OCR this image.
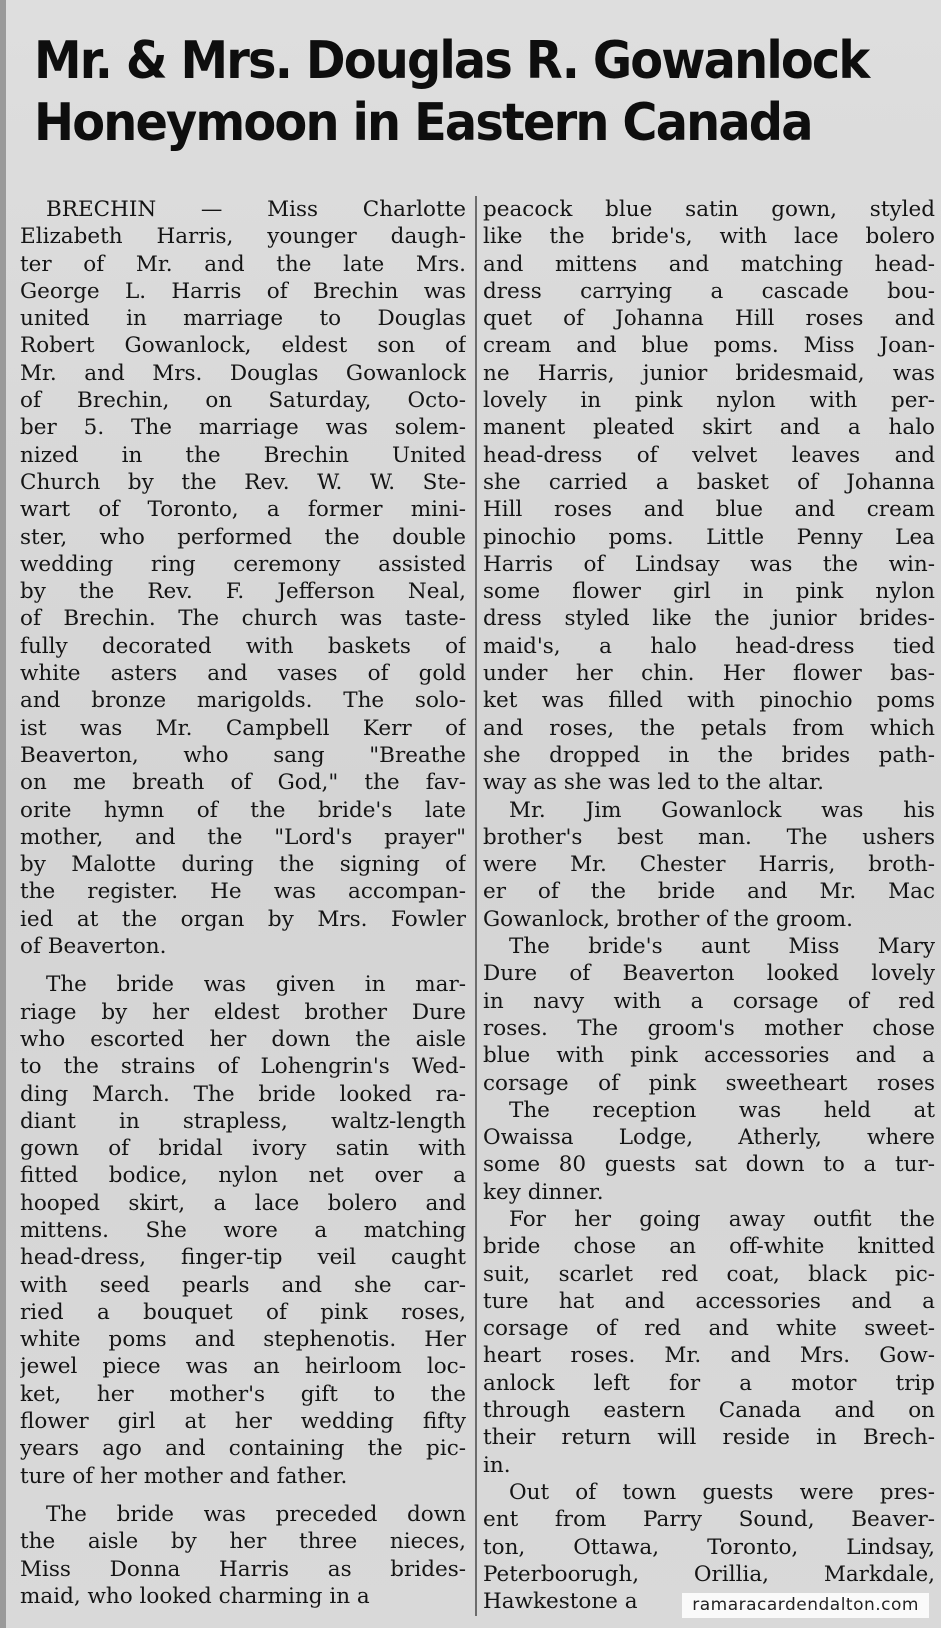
Mr. & Mrs. Douglas R. Gowanlock
Honeymoon in Eastern Canada
BRECHIN — Miss Charlotte
Elizabeth Harris, younger daugh-
ter of Mr. and the late Mrs.
George L. Harris of Brechin was
united in marriage to Douglas
Robert Gowanlock, eldest son of
Mr. and Mrs. Douglas Gowanlock
of Brechin, on Saturday, Octo-
ber 5. The marriage was solem-
nized in the Brechin United
Church by the Rev. W. W. Ste-
wart of Toronto, a former mini-
ster, who performed the double
wedding ring ceremony assisted
by the Rev. F. Jefferson Neal,
of Brechin. The church was taste-
fully decorated with baskets of
white asters and vases of gold
and bronze marigolds. The solo-
ist was Mr. Campbell Kerr of
Beaverton, who sang "Breathe
on me breath of God," the fav-
orite hymn of the bride's late
mother, and the "Lord's prayer"
by Malotte during the signing of
the register. He was accompan-
ied at the organ by Mrs. Fowler
of Beaverton.
The bride was given in mar-
riage by her eldest brother Dure
who escorted her down the aisle
to the strains of Lohengrin's Wed-
ding March. The bride looked ra-
diant in strapless, waltz-length
gown of bridal ivory satin with
fitted bodice, nylon net over a
hooped skirt, a lace bolero and
mittens. She wore a matching
head-dress, finger-tip veil caught
with seed pearls and she car-
ried a bouquet of pink roses,
white poms and stephenotis. Her
jewel piece was an heirloom loc-
ket, her mother's gift to the
flower girl at her wedding fifty
years ago and containing the pic-
ture of her mother and father.
The bride was preceded down
the aisle by her three nieces,
Miss Donna Harris as brides-
maid, who looked charming in a
peacock blue satin gown, styled
like the bride's, with lace bolero
and mittens and matching head-
dress carrying a cascade bou-
quet of Johanna Hill roses and
cream and blue poms. Miss Joan-
ne Harris, junior bridesmaid, was
lovely in pink nylon with per-
manent pleated skirt and a halo
head-dress of velvet leaves and
she carried a basket of Johanna
Hill roses and blue and cream
pinochio poms. Little Penny Lea
Harris of Lindsay was the win-
some flower girl in pink nylon
dress styled like the junior brides-
maid's, a halo head-dress tied
under her chin. Her flower bas-
ket was filled with pinochio poms
and roses, the petals from which
she dropped in the brides path-
way as she was led to the altar.
Mr. Jim Gowanlock was his
brother's best man. The ushers
were Mr. Chester Harris, broth-
er of the bride and Mr. Mac
Gowanlock, brother of the groom.
The bride's aunt Miss Mary
Dure of Beaverton looked lovely
in navy with a corsage of red
roses. The groom's mother chose
blue with pink accessories and a
corsage of pink sweetheart roses
The reception was held at
Owaissa Lodge, Atherly, where
some 80 guests sat down to a tur-
key dinner.
For her going away outfit the
bride chose an off-white knitted
suit, scarlet red coat, black pic-
ture hat and accessories and a
corsage of red and white sweet-
heart roses. Mr. and Mrs. Gow-
anlock left for a motor trip
through eastern Canada and on
their return will reside in Brech-
in.
Out of town guests were pres-
ent from Parry Sound, Beaver-
ton, Ottawa, Toronto, Lindsay,
Peterboorugh, Orillia, Markdale,
Hawkestone a	ramaracardendalton.com
